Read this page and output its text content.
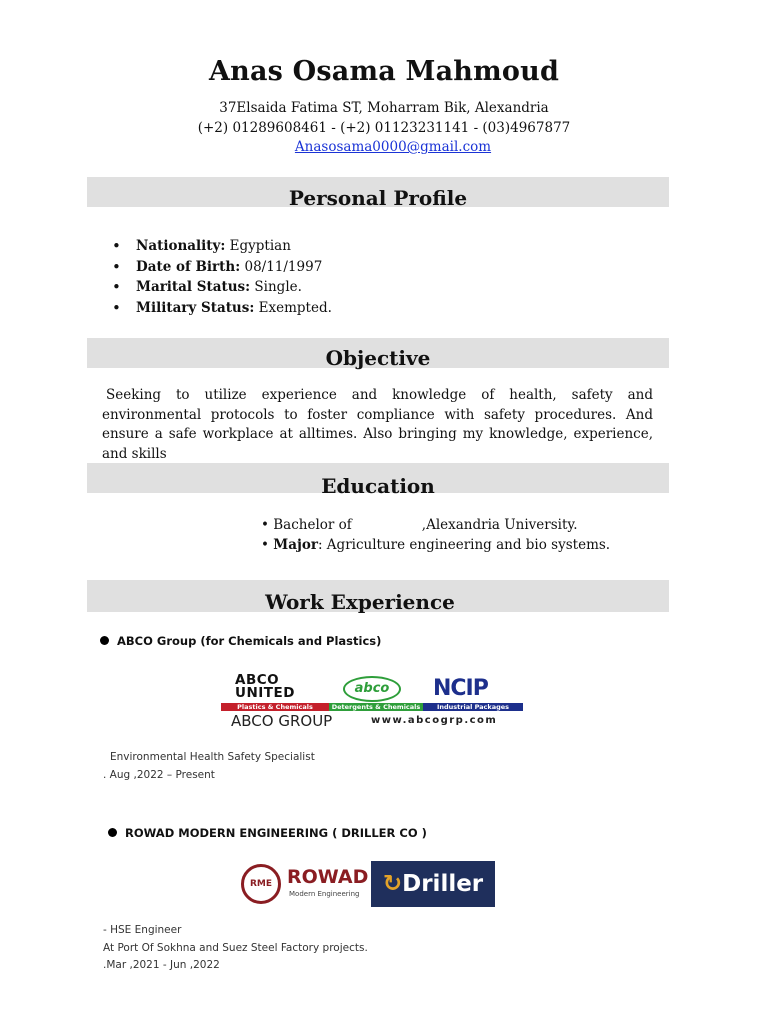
Anas Osama Mahmoud
37Elsaida Fatima ST, Moharram Bik, Alexandria
(+2) 01289608461 - (+2) 01123231141 - (03)4967877
Anasosama0000@gmail.com
Personal Profile
• Nationality: Egyptian
• Date of Birth: 08/11/1997
• Marital Status: Single.
• Military Status: Exempted.
Objective
Seeking to utilize experience and knowledge of health, safety and environmental protocols to foster compliance with safety procedures. And ensure a safe workplace at alltimes. Also bringing my knowledge, experience, and skills
Education
• Bachelor of	,Alexandria University.
• Major: Agriculture engineering and bio systems.
Work Experience
ABCO Group (for Chemicals and Plastics)
ABCO
UNITED	abco	NCIP
Plastics & Chemicals	Detergents & Chemicals	Industrial Packages
ABCO GROUP	www.abcogrp.com
Environmental Health Safety Specialist
. Aug ,2022 – Present
ROWAD MODERN ENGINEERING ( DRILLER CO )
RME ROWAD
Modern Engineering	↻Driller
- HSE Engineer
At Port Of Sokhna and Suez Steel Factory projects.
.Mar ,2021 - Jun ,2022
